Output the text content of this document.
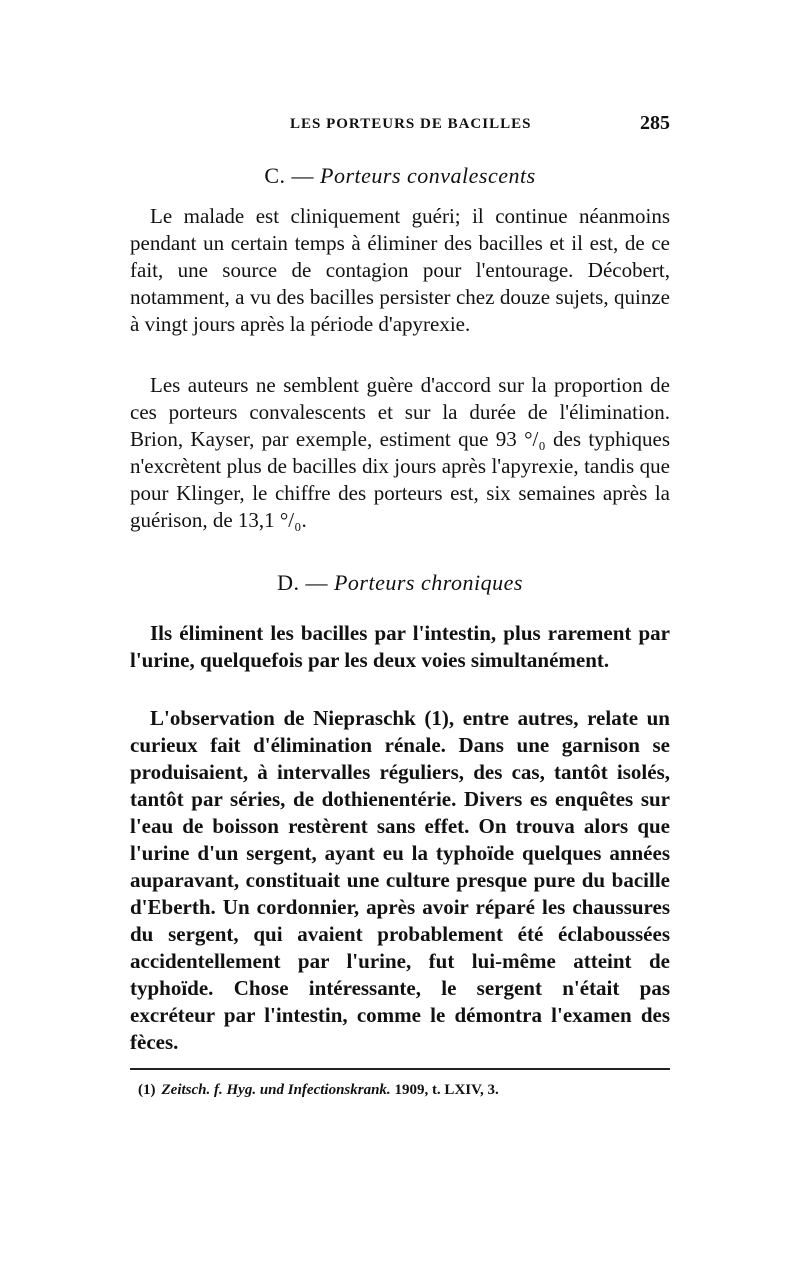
LES PORTEURS DE BACILLES	285
C. — Porteurs convalescents

Le malade est cliniquement guéri; il continue néanmoins pendant un certain temps à éliminer des bacilles et il est, de ce fait, une source de contagion pour l'entourage. Décobert, notamment, a vu des bacilles persister chez douze sujets, quinze à vingt jours après la période d'apyrexie.

Les auteurs ne semblent guère d'accord sur la proportion de ces porteurs convalescents et sur la durée de l'élimination. Brion, Kayser, par exemple, estiment que 93 °/₀ des typhiques n'excrètent plus de bacilles dix jours après l'apyrexie, tandis que pour Klinger, le chiffre des porteurs est, six semaines après la guérison, de 13,1 °/₀.

D. — Porteurs chroniques

Ils éliminent les bacilles par l'intestin, plus rarement par l'urine, quelquefois par les deux voies simultanément.

L'observation de Niepraschk (1), entre autres, relate un curieux fait d'élimination rénale. Dans une garnison se produisaient, à intervalles réguliers, des cas, tantôt isolés, tantôt par séries, de dothienentérie. Divers es enquêtes sur l'eau de boisson restèrent sans effet. On trouva alors que l'urine d'un sergent, ayant eu la typhoïde quelques années auparavant, constituait une culture presque pure du bacille d'Eberth. Un cordonnier, après avoir réparé les chaussures du sergent, qui avaient probablement été éclaboussées accidentellement par l'urine, fut lui-même atteint de typhoïde. Chose intéressante, le sergent n'était pas excréteur par l'intestin, comme le démontra l'examen des fèces.

(1) Zeitsch. f. Hyg. und Infectionskrank. 1909, t. LXIV, 3.
